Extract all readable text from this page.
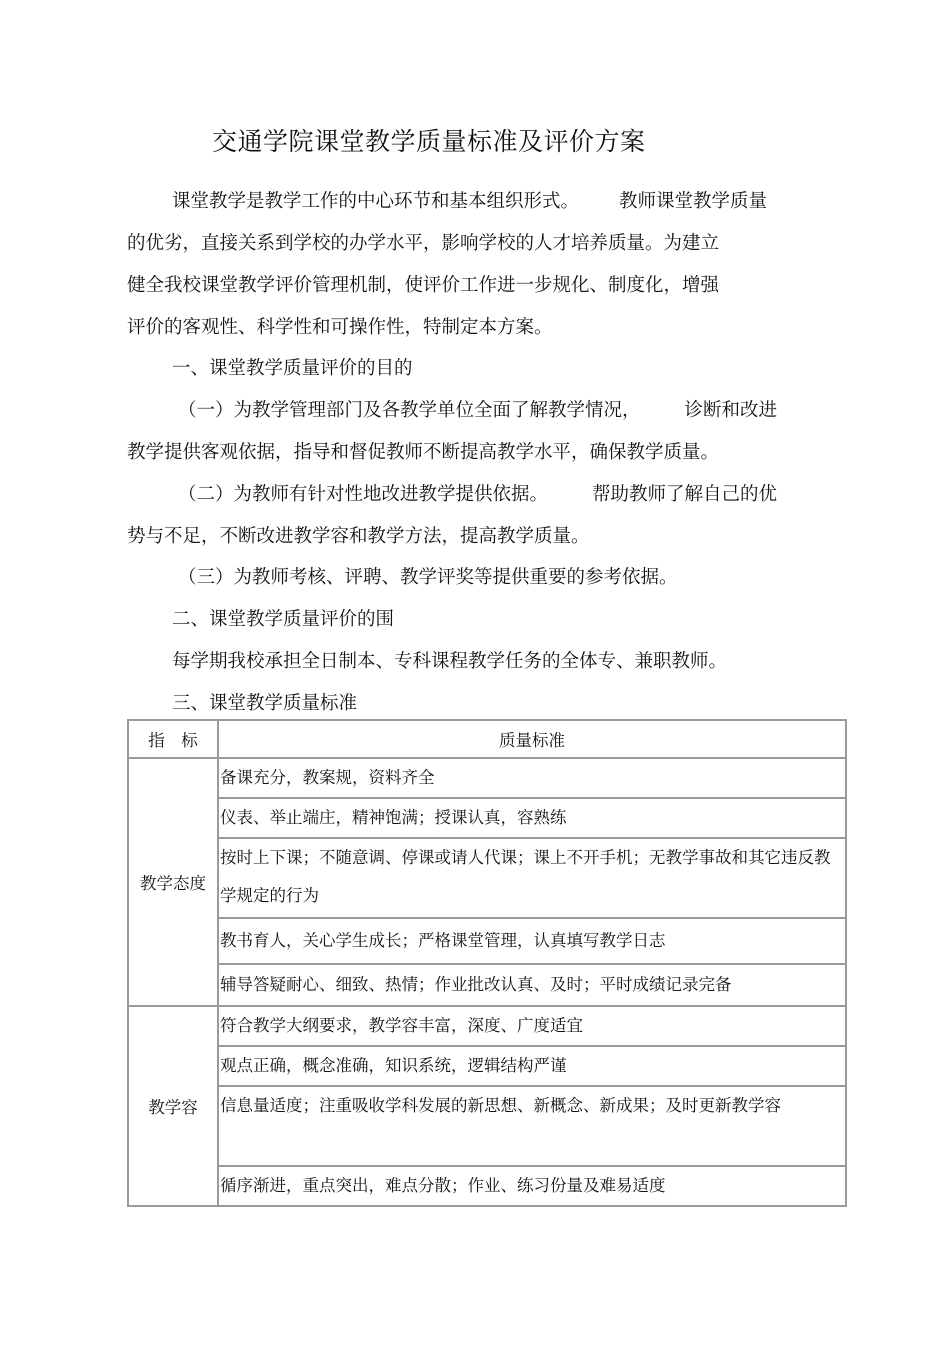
交通学院课堂教学质量标准及评价方案
课堂教学是教学工作的中心环节和基本组织形式。 教师课堂教学质量
的优劣，直接关系到学校的办学水平，影响学校的人才培养质量。为建立
健全我校课堂教学评价管理机制，使评价工作进一步规化、制度化，增强
评价的客观性、科学性和可操作性，特制定本方案。
一、课堂教学质量评价的目的
（一）为教学管理部门及各教学单位全面了解教学情况， 诊断和改进
教学提供客观依据，指导和督促教师不断提高教学水平，确保教学质量。
（二）为教师有针对性地改进教学提供依据。 帮助教师了解自己的优
势与不足，不断改进教学容和教学方法，提高教学质量。
（三）为教师考核、评聘、教学评奖等提供重要的参考依据。
二、课堂教学质量评价的围
每学期我校承担全日制本、专科课程教学任务的全体专、兼职教师。
三、课堂教学质量标准
指　标	质量标准
教学态度	备课充分，教案规，资料齐全
	仪表、举止端庄，精神饱满；授课认真，容熟练
	按时上下课；不随意调、停课或请人代课；课上不开手机；无教学事故和其它违反教学规定的行为
	教书育人，关心学生成长；严格课堂管理，认真填写教学日志
	辅导答疑耐心、细致、热情；作业批改认真、及时；平时成绩记录完备
教学容	符合教学大纲要求，教学容丰富，深度、广度适宜
	观点正确，概念准确，知识系统，逻辑结构严谨
	信息量适度；注重吸收学科发展的新思想、新概念、新成果；及时更新教学容
	循序渐进，重点突出，难点分散；作业、练习份量及难易适度
